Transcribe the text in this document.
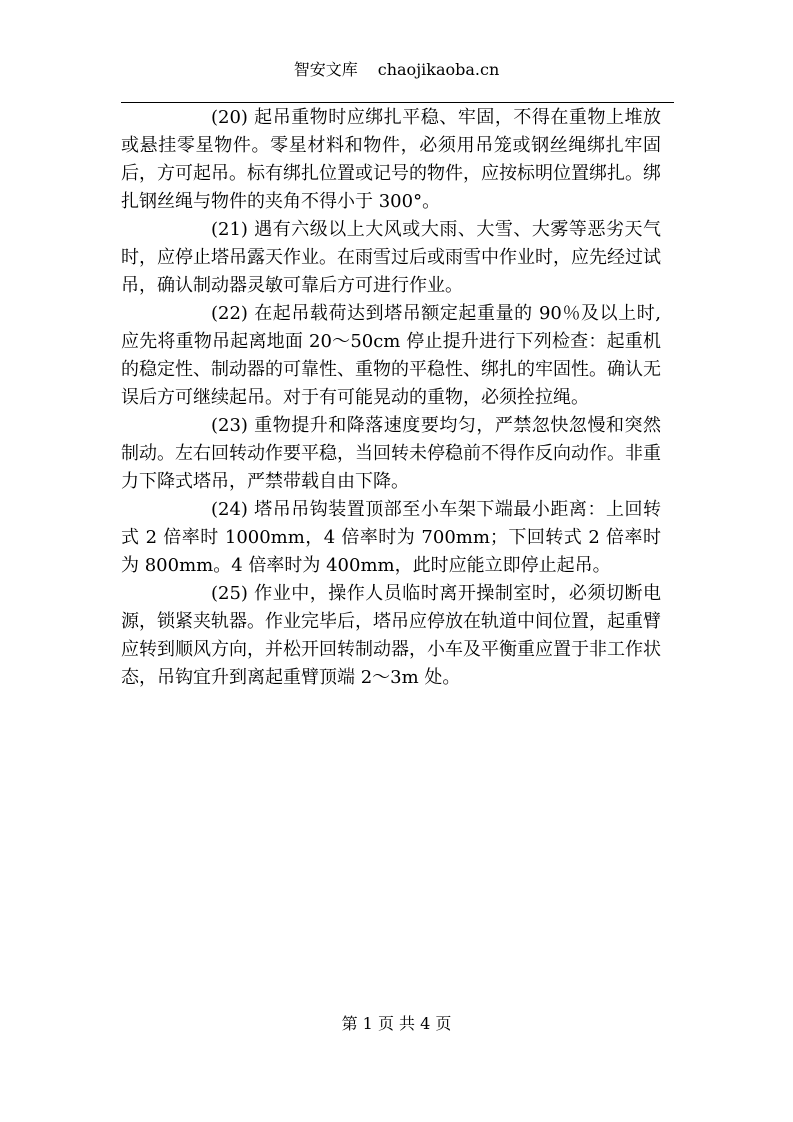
智安文库 chaojikaoba.cn

(20) 起吊重物时应绑扎平稳、牢固，不得在重物上堆放或悬挂零星物件。零星材料和物件，必须用吊笼或钢丝绳绑扎牢固后，方可起吊。标有绑扎位置或记号的物件，应按标明位置绑扎。绑扎钢丝绳与物件的夹角不得小于 300°。

(21) 遇有六级以上大风或大雨、大雪、大雾等恶劣天气时，应停止塔吊露天作业。在雨雪过后或雨雪中作业时，应先经过试吊，确认制动器灵敏可靠后方可进行作业。

(22) 在起吊载荷达到塔吊额定起重量的 90％及以上时, 应先将重物吊起离地面 20～50cm 停止提升进行下列检查：起重机的稳定性、制动器的可靠性、重物的平稳性、绑扎的牢固性。确认无误后方可继续起吊。对于有可能晃动的重物，必须拴拉绳。

(23) 重物提升和降落速度要均匀，严禁忽快忽慢和突然制动。左右回转动作要平稳，当回转未停稳前不得作反向动作。非重力下降式塔吊，严禁带载自由下降。

(24) 塔吊吊钩装置顶部至小车架下端最小距离：上回转式 2 倍率时 1000mm，4 倍率时为 700mm；下回转式 2 倍率时为 800mm。4 倍率时为 400mm，此时应能立即停止起吊。

(25) 作业中，操作人员临时离开操制室时，必须切断电源，锁紧夹轨器。作业完毕后，塔吊应停放在轨道中间位置，起重臂应转到顺风方向，并松开回转制动器，小车及平衡重应置于非工作状态，吊钩宜升到离起重臂顶端 2～3m 处。

第 1 页 共 4 页
